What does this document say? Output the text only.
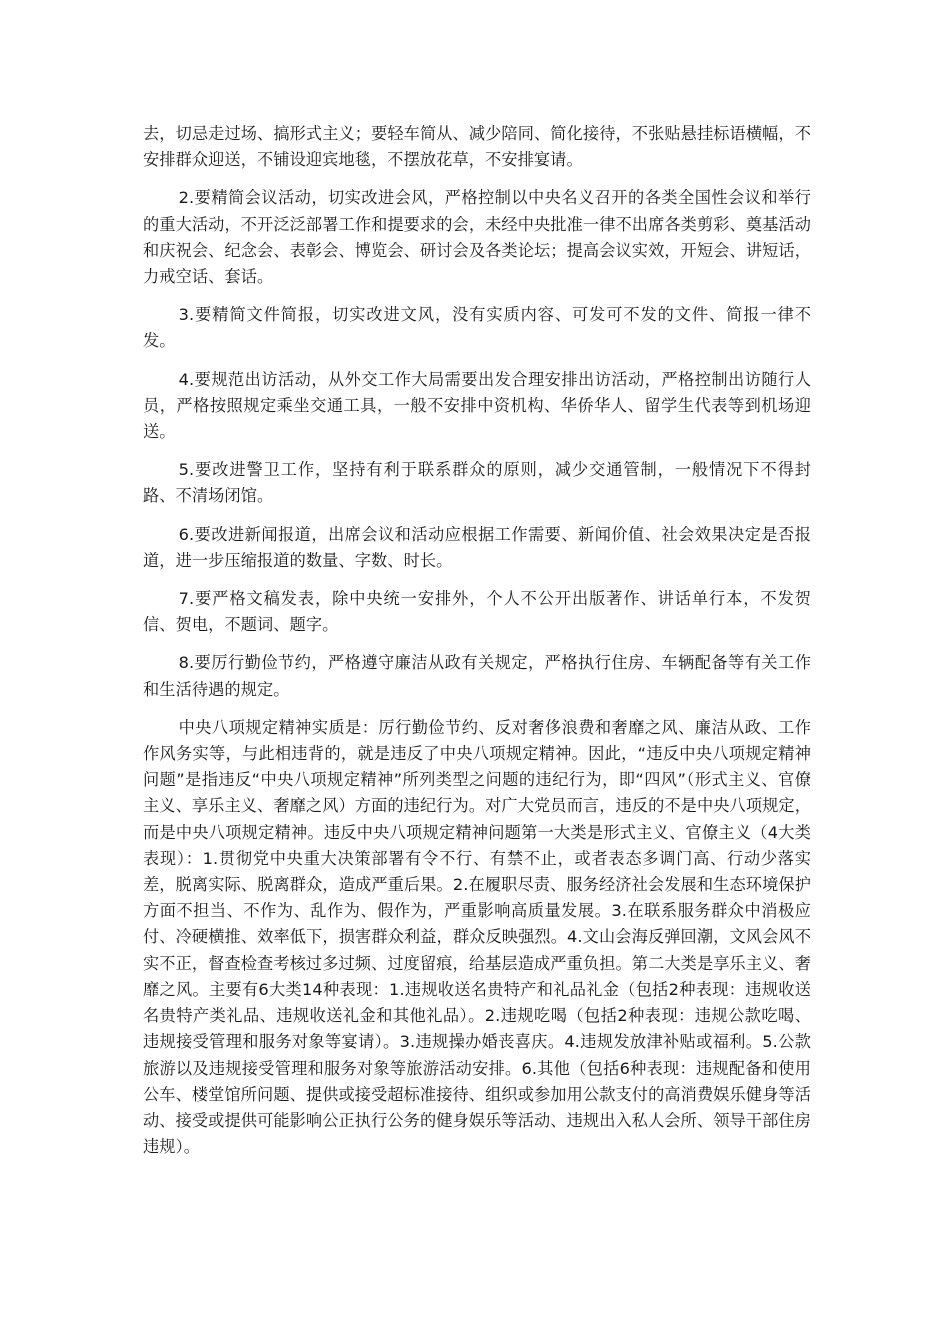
去，切忌走过场、搞形式主义；要轻车简从、减少陪同、简化接待，不张贴悬挂标语横幅，不安排群众迎送，不铺设迎宾地毯，不摆放花草，不安排宴请。

2.要精简会议活动，切实改进会风，严格控制以中央名义召开的各类全国性会议和举行的重大活动，不开泛泛部署工作和提要求的会，未经中央批准一律不出席各类剪彩、奠基活动和庆祝会、纪念会、表彰会、博览会、研讨会及各类论坛；提高会议实效，开短会、讲短话，力戒空话、套话。

3.要精简文件简报，切实改进文风，没有实质内容、可发可不发的文件、简报一律不发。

4.要规范出访活动，从外交工作大局需要出发合理安排出访活动，严格控制出访随行人员，严格按照规定乘坐交通工具，一般不安排中资机构、华侨华人、留学生代表等到机场迎送。

5.要改进警卫工作，坚持有利于联系群众的原则，减少交通管制，一般情况下不得封路、不清场闭馆。

6.要改进新闻报道，出席会议和活动应根据工作需要、新闻价值、社会效果决定是否报道，进一步压缩报道的数量、字数、时长。

7.要严格文稿发表，除中央统一安排外，个人不公开出版著作、讲话单行本，不发贺信、贺电，不题词、题字。

8.要厉行勤俭节约，严格遵守廉洁从政有关规定，严格执行住房、车辆配备等有关工作和生活待遇的规定。

中央八项规定精神实质是：厉行勤俭节约、反对奢侈浪费和奢靡之风、廉洁从政、工作作风务实等，与此相违背的，就是违反了中央八项规定精神。因此，“违反中央八项规定精神问题”是指违反“中央八项规定精神”所列类型之问题的违纪行为，即“四风”（形式主义、官僚主义、享乐主义、奢靡之风）方面的违纪行为。对广大党员而言，违反的不是中央八项规定，而是中央八项规定精神。违反中央八项规定精神问题第一大类是形式主义、官僚主义（4大类表现）：1.贯彻党中央重大决策部署有令不行、有禁不止，或者表态多调门高、行动少落实差，脱离实际、脱离群众，造成严重后果。2.在履职尽责、服务经济社会发展和生态环境保护方面不担当、不作为、乱作为、假作为，严重影响高质量发展。3.在联系服务群众中消极应付、冷硬横推、效率低下，损害群众利益，群众反映强烈。4.文山会海反弹回潮，文风会风不实不正，督查检查考核过多过频、过度留痕，给基层造成严重负担。第二大类是享乐主义、奢靡之风。主要有6大类14种表现：1.违规收送名贵特产和礼品礼金（包括2种表现：违规收送名贵特产类礼品、违规收送礼金和其他礼品）。2.违规吃喝（包括2种表现：违规公款吃喝、违规接受管理和服务对象等宴请）。3.违规操办婚丧喜庆。4.违规发放津补贴或福利。5.公款旅游以及违规接受管理和服务对象等旅游活动安排。6.其他（包括6种表现：违规配备和使用公车、楼堂馆所问题、提供或接受超标准接待、组织或参加用公款支付的高消费娱乐健身等活动、接受或提供可能影响公正执行公务的健身娱乐等活动、违规出入私人会所、领导干部住房违规）。
